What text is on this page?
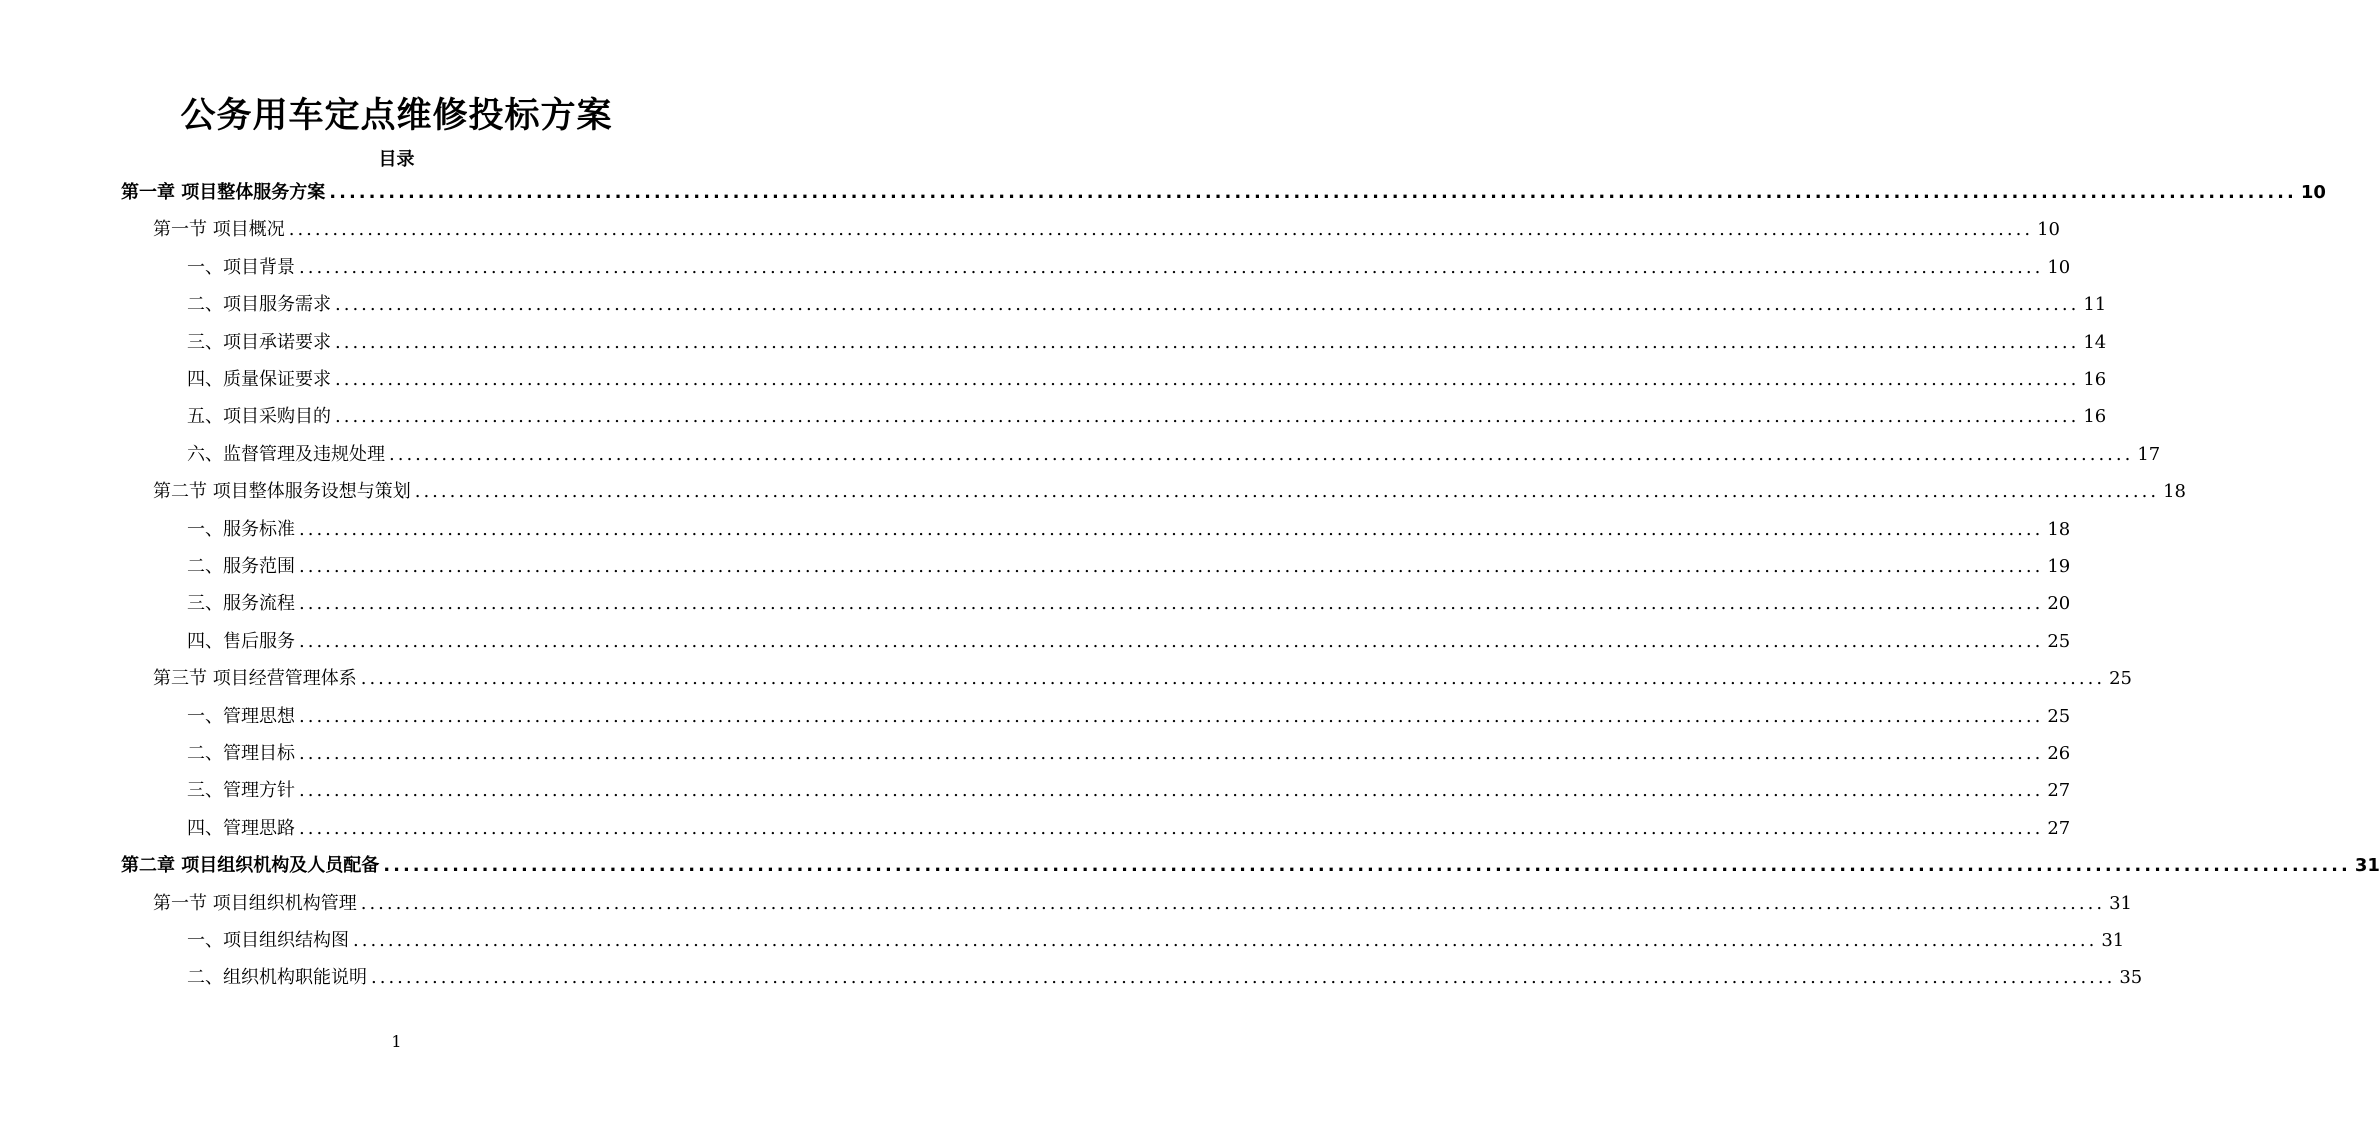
公务用车定点维修投标方案
目录
第一章 项目整体服务方案 ........................................................................................................................................................................................................ 10
第一节 项目概况 ........................................................................................................................................................................................................ 10
一、项目背景 ........................................................................................................................................................................................................ 10
二、项目服务需求 ........................................................................................................................................................................................................ 11
三、项目承诺要求 ........................................................................................................................................................................................................ 14
四、质量保证要求 ........................................................................................................................................................................................................ 16
五、项目采购目的 ........................................................................................................................................................................................................ 16
六、监督管理及违规处理 ........................................................................................................................................................................................................ 17
第二节 项目整体服务设想与策划 ........................................................................................................................................................................................................ 18
一、服务标准 ........................................................................................................................................................................................................ 18
二、服务范围 ........................................................................................................................................................................................................ 19
三、服务流程 ........................................................................................................................................................................................................ 20
四、售后服务 ........................................................................................................................................................................................................ 25
第三节 项目经营管理体系 ........................................................................................................................................................................................................ 25
一、管理思想 ........................................................................................................................................................................................................ 25
二、管理目标 ........................................................................................................................................................................................................ 26
三、管理方针 ........................................................................................................................................................................................................ 27
四、管理思路 ........................................................................................................................................................................................................ 27
第二章 项目组织机构及人员配备 ........................................................................................................................................................................................................ 31
第一节 项目组织机构管理 ........................................................................................................................................................................................................ 31
一、项目组织结构图 ........................................................................................................................................................................................................ 31
二、组织机构职能说明 ........................................................................................................................................................................................................ 35
1
